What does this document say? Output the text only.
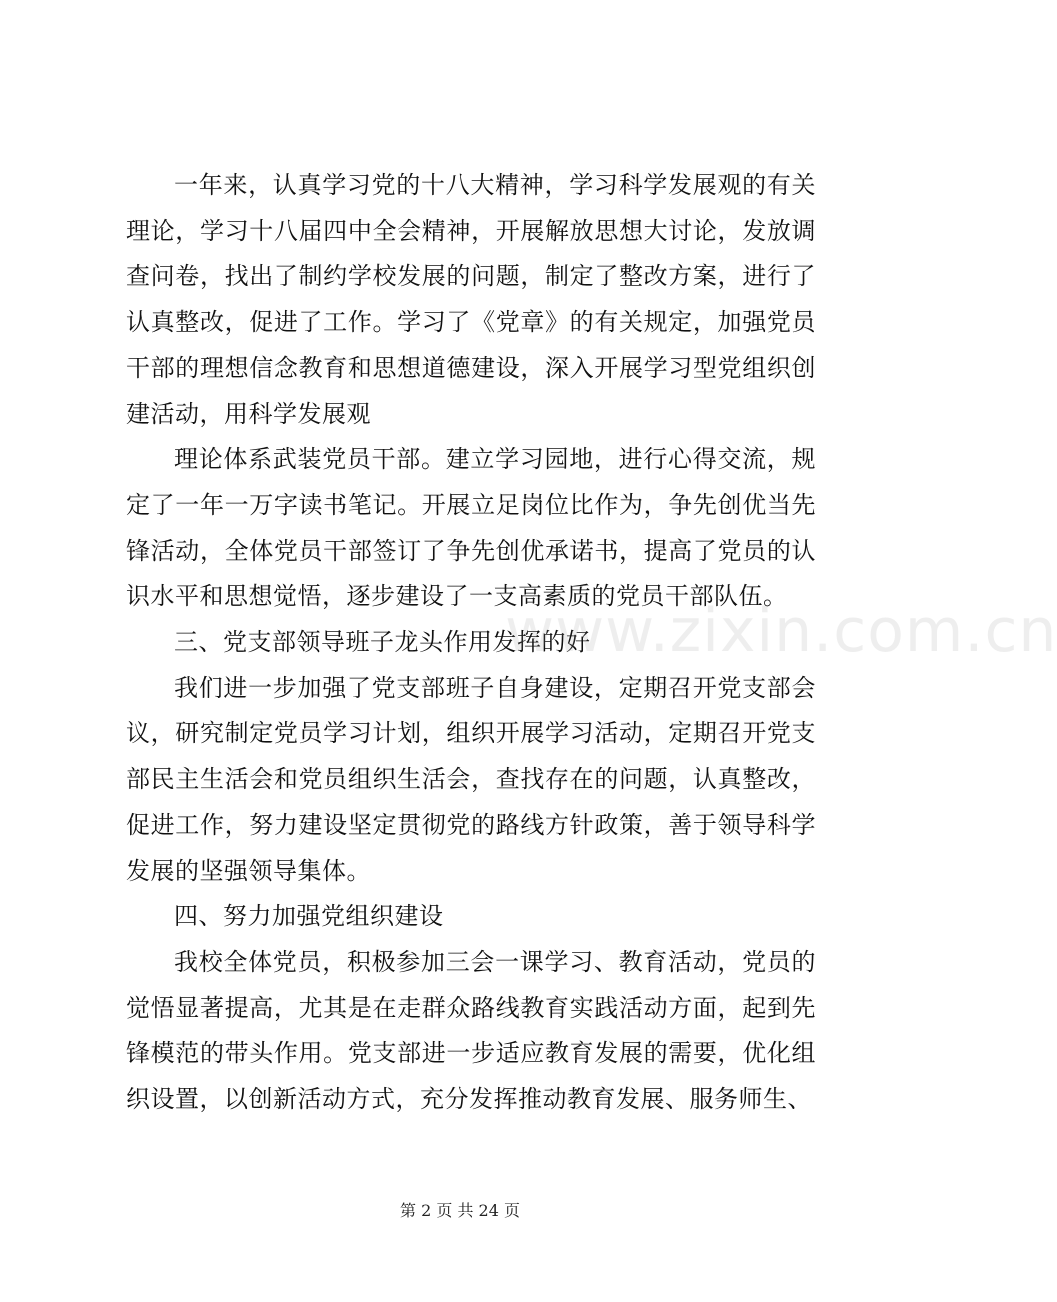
一年来，认真学习党的十八大精神，学习科学发展观的有关
理论，学习十八届四中全会精神，开展解放思想大讨论，发放调
查问卷，找出了制约学校发展的问题，制定了整改方案，进行了
认真整改，促进了工作。学习了《党章》的有关规定，加强党员
干部的理想信念教育和思想道德建设，深入开展学习型党组织创
建活动，用科学发展观
理论体系武装党员干部。建立学习园地，进行心得交流，规
定了一年一万字读书笔记。开展立足岗位比作为，争先创优当先
锋活动，全体党员干部签订了争先创优承诺书，提高了党员的认
识水平和思想觉悟，逐步建设了一支高素质的党员干部队伍。
三、党支部领导班子龙头作用发挥的好
我们进一步加强了党支部班子自身建设，定期召开党支部会
议，研究制定党员学习计划，组织开展学习活动，定期召开党支
部民主生活会和党员组织生活会，查找存在的问题，认真整改，
促进工作，努力建设坚定贯彻党的路线方针政策，善于领导科学
发展的坚强领导集体。
四、努力加强党组织建设
我校全体党员，积极参加三会一课学习、教育活动，党员的
觉悟显著提高，尤其是在走群众路线教育实践活动方面，起到先
锋模范的带头作用。党支部进一步适应教育发展的需要，优化组
织设置，以创新活动方式，充分发挥推动教育发展、服务师生、
www.zixin.com.cn
第 2 页 共 24 页
